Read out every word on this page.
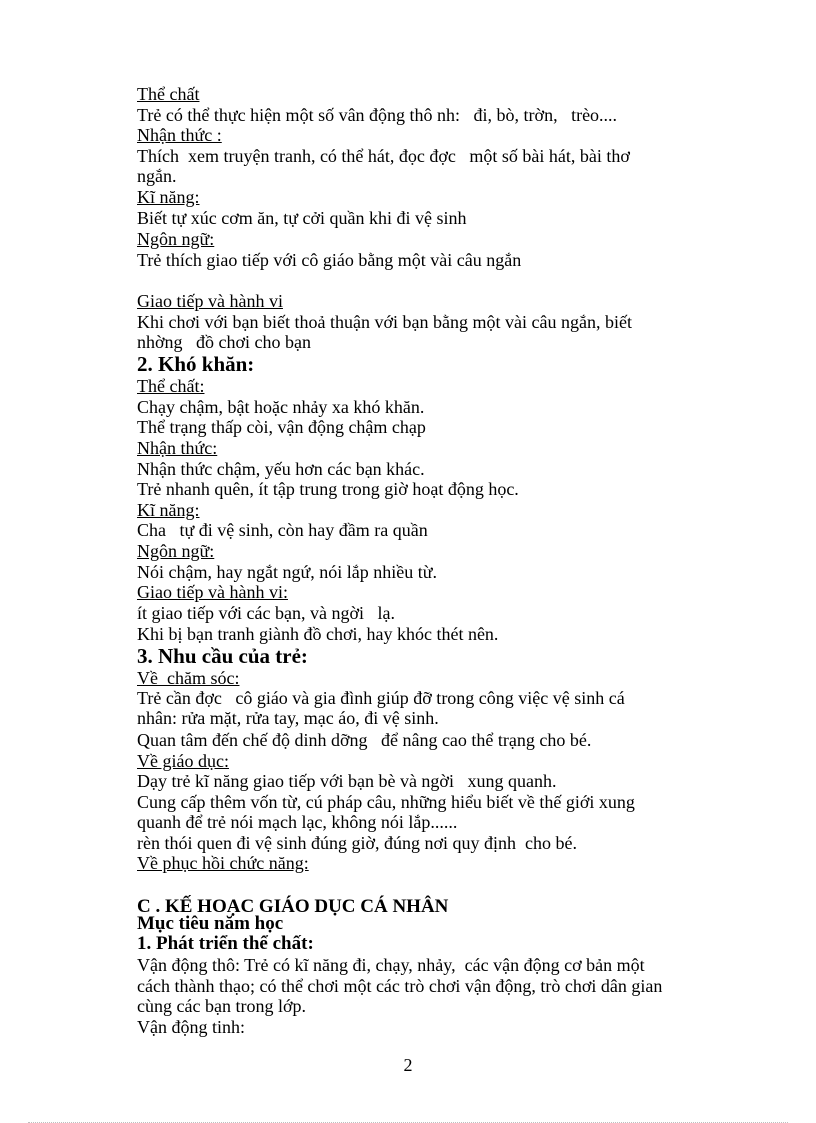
Thể chất
Trẻ có thể thực hiện một số vân động thô nh:   đi, bò, trờn,   trèo....
Nhận thức :
Thích  xem truyện tranh, có thể hát, đọc đợc   một số bài hát, bài thơ
ngắn.
Kĩ năng:
Biết tự xúc cơm ăn, tự cởi quần khi đi vệ sinh
Ngôn ngữ:
Trẻ thích giao tiếp với cô giáo bằng một vài câu ngắn
Giao tiếp và hành vi
Khi chơi với bạn biết thoả thuận với bạn bằng một vài câu ngắn, biết
nhờng   đồ chơi cho bạn
2. Khó khăn:
Thể chất:
Chạy chậm, bật hoặc nhảy xa khó khăn.
Thể trạng thấp còi, vận động chậm chạp
Nhận thức:
Nhận thức chậm, yếu hơn các bạn khác.
Trẻ nhanh quên, ít tập trung trong giờ hoạt động học.
Kĩ năng:
Cha   tự đi vệ sinh, còn hay đầm ra quần
Ngôn ngữ:
Nói chậm, hay ngắt ngứ, nói lắp nhiều từ.
Giao tiếp và hành vi:
ít giao tiếp với các bạn, và ngời   lạ.
Khi bị bạn tranh giành đồ chơi, hay khóc thét nên.
3. Nhu cầu của trẻ:
Về  chăm sóc:
Trẻ cần đợc   cô giáo và gia đình giúp đỡ trong công việc vệ sinh cá
nhân: rửa mặt, rửa tay, mạc áo, đi vệ sinh.
Quan tâm đến chế độ dinh dỡng   để nâng cao thể trạng cho bé.
Về giáo dục:
Dạy trẻ kĩ năng giao tiếp với bạn bè và ngời   xung quanh.
Cung cấp thêm vốn từ, cú pháp câu, những hiểu biết về thế giới xung
quanh để trẻ nói mạch lạc, không nói lắp......
rèn thói quen đi vệ sinh đúng giờ, đúng nơi quy định  cho bé.
Về phục hồi chức năng:
C . KẾ HOẠC GIÁO DỤC CÁ NHÂN
Mục tiêu năm học
1. Phát triển thể chất:
Vận động thô: Trẻ có kĩ năng đi, chạy, nhảy,  các vận động cơ bản một
cách thành thạo; có thể chơi một các trò chơi vận động, trò chơi dân gian
cùng các bạn trong lớp.
Vận động tinh:
2
